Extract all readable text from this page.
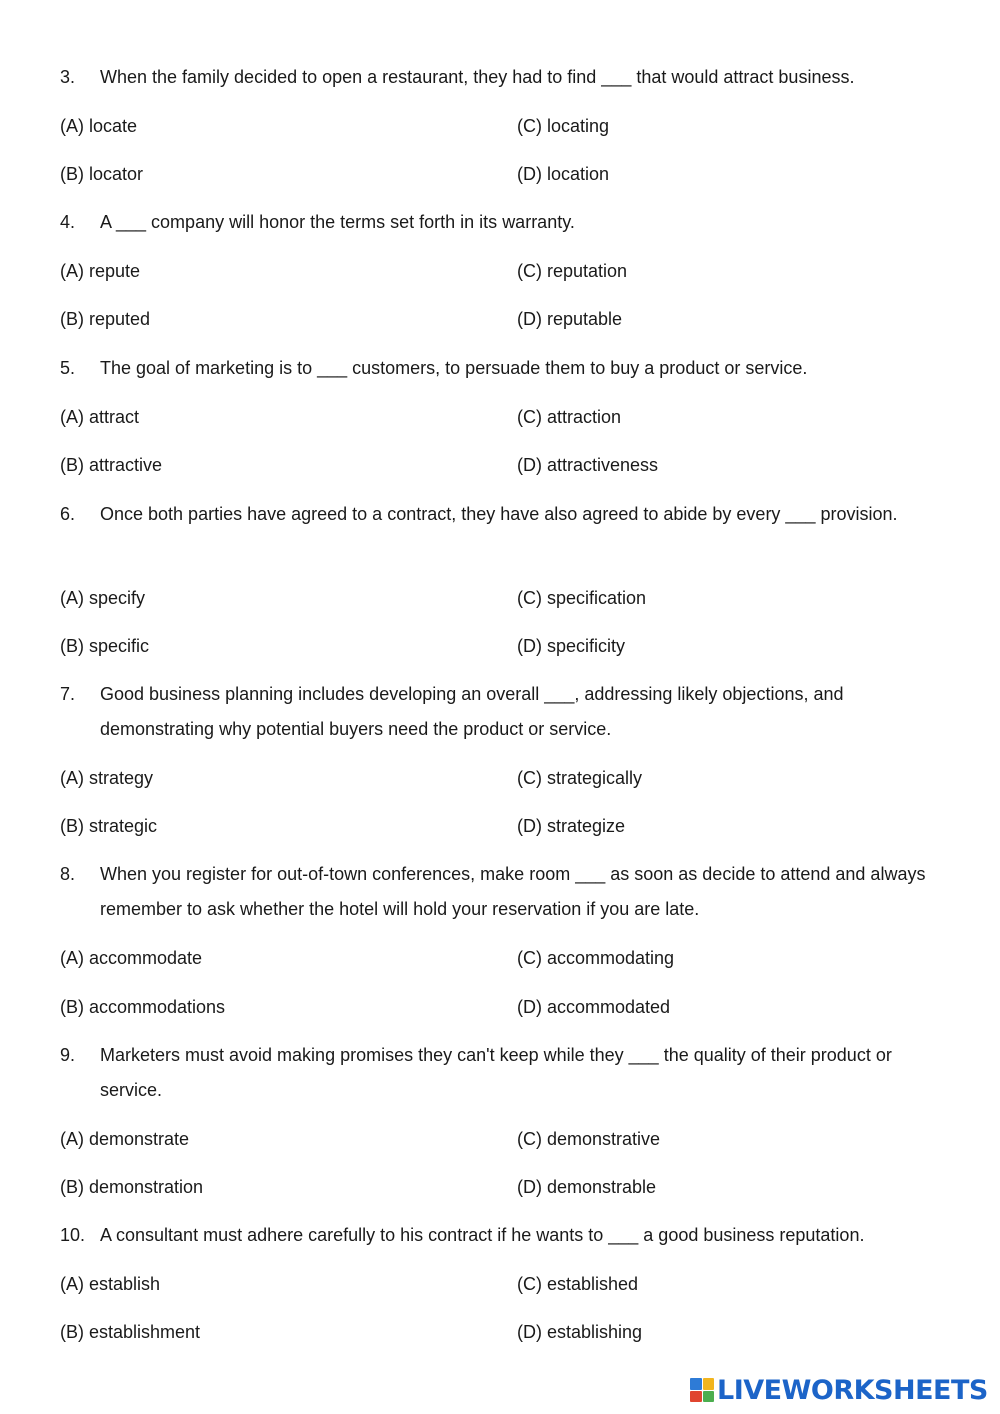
3. When the family decided to open a restaurant, they had to find ___ that would attract business.
(A) locate	(C) locating
(B) locator	(D) location
4. A ___ company will honor the terms set forth in its warranty.
(A) repute	(C) reputation
(B) reputed	(D) reputable
5. The goal of marketing is to ___ customers, to persuade them to buy a product or service.
(A) attract	(C) attraction
(B) attractive	(D) attractiveness
6. Once both parties have agreed to a contract, they have also agreed to abide by every ___ provision.
(A) specify	(C) specification
(B) specific	(D) specificity
7. Good business planning includes developing an overall ___, addressing likely objections, and demonstrating why potential buyers need the product or service.
(A) strategy	(C) strategically
(B) strategic	(D) strategize
8. When you register for out-of-town conferences, make room ___ as soon as decide to attend and always remember to ask whether the hotel will hold your reservation if you are late.
(A) accommodate	(C) accommodating
(B) accommodations	(D) accommodated
9. Marketers must avoid making promises they can't keep while they ___ the quality of their product or service.
(A) demonstrate	(C) demonstrative
(B) demonstration	(D) demonstrable
10. A consultant must adhere carefully to his contract if he wants to ___ a good business reputation.
(A) establish	(C) established
(B) establishment	(D) establishing
LIVEWORKSHEETS
